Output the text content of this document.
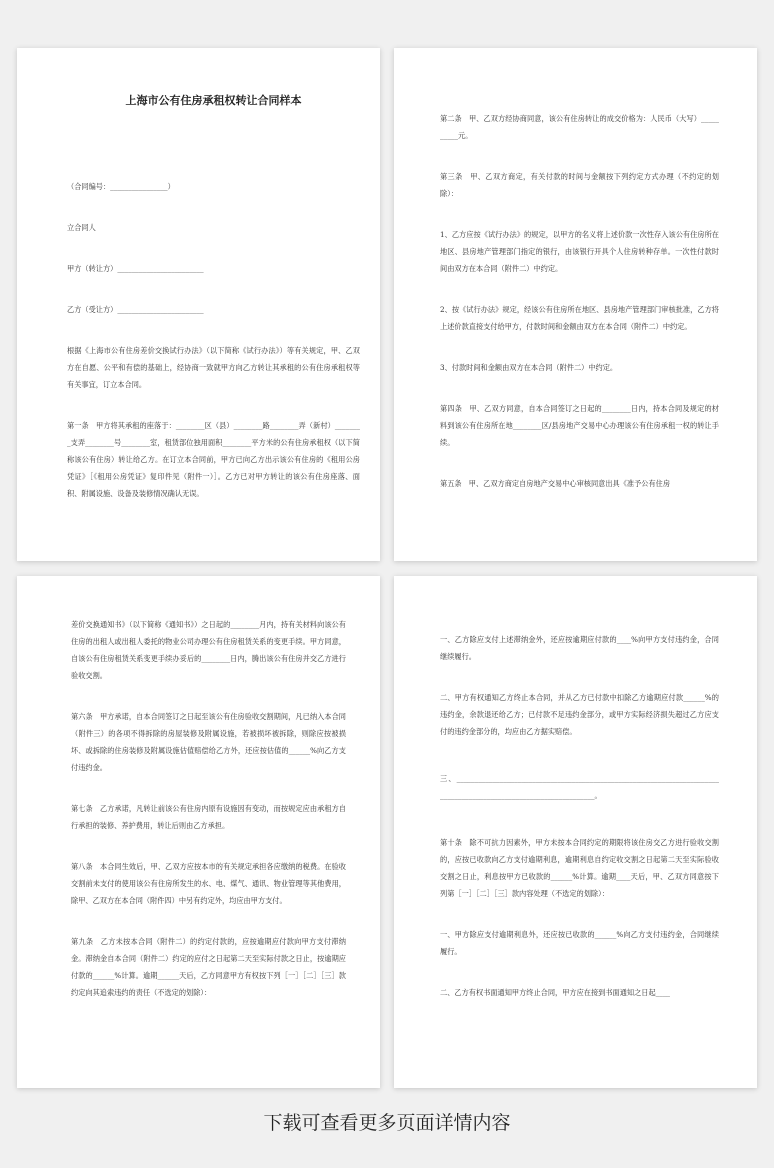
上海市公有住房承租权转让合同样本

（合同编号：________________）

立合同人

甲方（转让方）________________________

乙方（受让方）________________________

根据《上海市公有住房差价交换试行办法》（以下简称《试行办法》）等有关规定，甲、乙双方在自愿、公平和有偿的基础上，经协商一致就甲方向乙方转让其承租的公有住房承租权等有关事宜，订立本合同。

第一条　甲方将其承租的座落于：________区（县）________路________弄（新村）________支弄________号________室，租赁部位独用面积________平方米的公有住房承租权（以下简称该公有住房）转让给乙方。在订立本合同前，甲方已向乙方出示该公有住房的《租用公房凭证》［《租用公房凭证》复印件见（附件一）］。乙方已对甲方转让的该公有住房座落、面积、附属设施、设备及装修情况确认无误。

第二条　甲、乙双方经协商同意，该公有住房转让的成交价格为：人民币（大写）__________元。

第三条　甲、乙双方商定，有关付款的时间与金额按下列约定方式办理（不约定的划除）：

1、乙方应按《试行办法》的规定，以甲方的名义将上述价款一次性存入该公有住房所在地区、县房地产管理部门指定的银行，由该银行开具个人住房转种存单。一次性付款时间由双方在本合同（附件二）中约定。

2、按《试行办法》规定，经该公有住房所在地区、县房地产管理部门审核批准，乙方将上述价款直接支付给甲方，付款时间和金额由双方在本合同（附件二）中约定。

3、付款时间和金额由双方在本合同（附件二）中约定。

第四条　甲、乙双方同意，自本合同签订之日起的________日内，持本合同及规定的材料到该公有住房所在地________区/县房地产交易中心办理该公有住房承租一权的转让手续。

第五条　甲、乙双方商定自房地产交易中心审核同意出具《准予公有住房

差价交换通知书》（以下简称《通知书》）之日起的________月内，持有关材料向该公有住房的出租人或出租人委托的物业公司办理公有住房租赁关系的变更手续。甲方同意，自该公有住房租赁关系变更手续办妥后的________日内，腾出该公有住房并交乙方进行验收交割。

第六条　甲方承诺，自本合同签订之日起至该公有住房验收交割期间，凡已纳入本合同（附件三）的各项不得拆除的房屋装修及附属设施，若被损坏被拆除，则除应按被损坏、或拆除的住房装修及附属设施估值赔偿给乙方外，还应按估值的______%向乙方支付违约金。

第七条　乙方承诺，凡转让前该公有住房内原有设施因有变动，而按规定应由承租方自行承担的装修、养护费用，转让后则由乙方承担。

第八条　本合同生效后，甲、乙双方应按本市的有关规定承担各应缴纳的税费。在验收交割前未支付的使用该公有住房所发生的水、电、煤气、通讯、物业管理等其他费用，除甲、乙双方在本合同（附件四）中另有约定外，均应由甲方支付。

第九条　乙方未按本合同（附件二）的约定付款的，应按逾期应付款向甲方支付滞纳金。滞纳金自本合同（附件二）约定的应付之日起第二天至实际付款之日止，按逾期应付款的______%计算。逾期______天后，乙方同意甲方有权按下列［一］［二］［三］款约定向其追索违约的责任（不选定的划除）：

一、乙方除应支付上述滞纳金外，还应按逾期应付款的____%向甲方支付违约金，合同继续履行。

二、甲方有权通知乙方终止本合同，并从乙方已付款中扣除乙方逾期应付款______%的违约金，余款退还给乙方；已付款不足违约金部分，或甲方实际经济损失超过乙方应支付的违约金部分的，均应由乙方据实赔偿。

三、____________________________________________________________________________________________________________________。

第十条　除不可抗力因素外，甲方未按本合同约定的期限将该住房交乙方进行验收交割的，应按已收款向乙方支付逾期利息，逾期利息自约定收交割之日起第二天至实际验收交割之日止，利息按甲方已收款的______%计算。逾期____天后，甲、乙双方同意按下列第［一］［二］［三］款内容处理（不选定的划除）：

一、甲方除应支付逾期利息外，还应按已收款的______%向乙方支付违约金，合同继续履行。

二、乙方有权书面通知甲方终止合同，甲方应在接到书面通知之日起____

下载可查看更多页面详情内容
